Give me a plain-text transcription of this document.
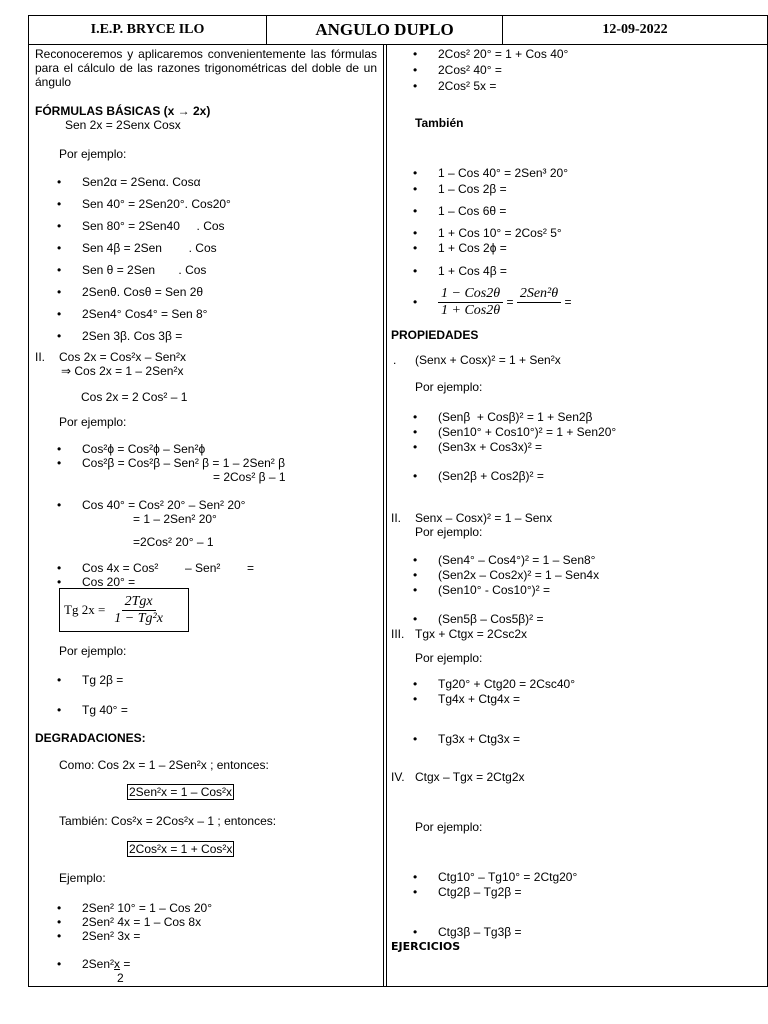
I.E.P. BRYCE ILO	ANGULO DUPLO	12-09-2022
Reconoceremos y aplicaremos convenientemente las fórmulas para el cálculo de las razones trigonométricas del doble de un ángulo
FÓRMULAS BÁSICAS (x → 2x)
Sen 2x = 2Senx Cosx
Por ejemplo:
• Sen2α = 2Senα. Cosα
• Sen 40° = 2Sen20°. Cos20°
• Sen 80° = 2Sen40     . Cos
• Sen 4β = 2Sen        . Cos
• Sen θ = 2Sen       . Cos
• 2Senθ. Cosθ = Sen 2θ
• 2Sen4° Cos4° = Sen 8°
• 2Sen 3β. Cos 3β =
II. Cos 2x = Cos²x – Sen²x
⇒ Cos 2x = 1 – 2Sen²x
Cos 2x = 2 Cos² – 1
Por ejemplo:
• Cos²ϕ = Cos²ϕ – Sen²ϕ
• Cos²β = Cos²β – Sen² β = 1 – 2Sen² β
= 2Cos² β – 1
• Cos 40° = Cos² 20° – Sen² 20°
= 1 – 2Sen² 20°
=2Cos² 20° – 1
• Cos 4x = Cos²        – Sen²        =
• Cos 20° =
Tg $2x = \frac{\text{2Tgx}}{\text{1 − Tg²x}}$
Por ejemplo:
• Tg 2β =
• Tg 40° =
DEGRADACIONES:
Como: Cos 2x = 1 – 2Sen²x ; entonces:
2Sen²x = 1 – Cos²x
También: Cos²x = 2Cos²x – 1 ; entonces:
2Cos²x = 1 + Cos²x
Ejemplo:
• 2Sen² 10° = 1 – Cos 20°
• 2Sen² 4x = 1 – Cos 8x
• 2Sen² 3x =
• 2Sen²x =
2
• 2Cos² 20° = 1 + Cos 40°
• 2Cos² 40° =
• 2Cos² 5x =
También
• 1 – Cos 40° = 2Sen³ 20°
• 1 – Cos 2β =
• 1 – Cos 6θ =
• 1 + Cos 10° = 2Cos² 5°
• 1 + Cos 2ϕ =
• 1 + Cos 4β =
• $\frac{\text{1 − Cos2θ}}{\text{1 + Cos2θ}}$ =
2Sen²θ

=
PROPIEDADES
. (Senx + Cosx)² = 1 + Sen²x
Por ejemplo:
• (Senβ  + Cosβ)² = 1 + Sen2β
• (Sen10° + Cos10°)² = 1 + Sen20°
• (Sen3x + Cos3x)² =
• (Sen2β + Cos2β)² =
II. Senx – Cosx)² = 1 – Senx
Por ejemplo:
• (Sen4° – Cos4°)² = 1 – Sen8°
• (Sen2x – Cos2x)² = 1 – Sen4x
• (Sen10° - Cos10°)² =
• (Sen5β – Cos5β)² =
III. Tgx + Ctgx = 2Csc2x
Por ejemplo:
• Tg20° + Ctg20 = 2Csc40°
• Tg4x + Ctg4x =
• Tg3x + Ctg3x =
IV. Ctgx – Tgx = 2Ctg2x
Por ejemplo:
• Ctg10° – Tg10° = 2Ctg20°
• Ctg2β – Tg2β =
• Ctg3β – Tg3β =
EJERCICIOS
